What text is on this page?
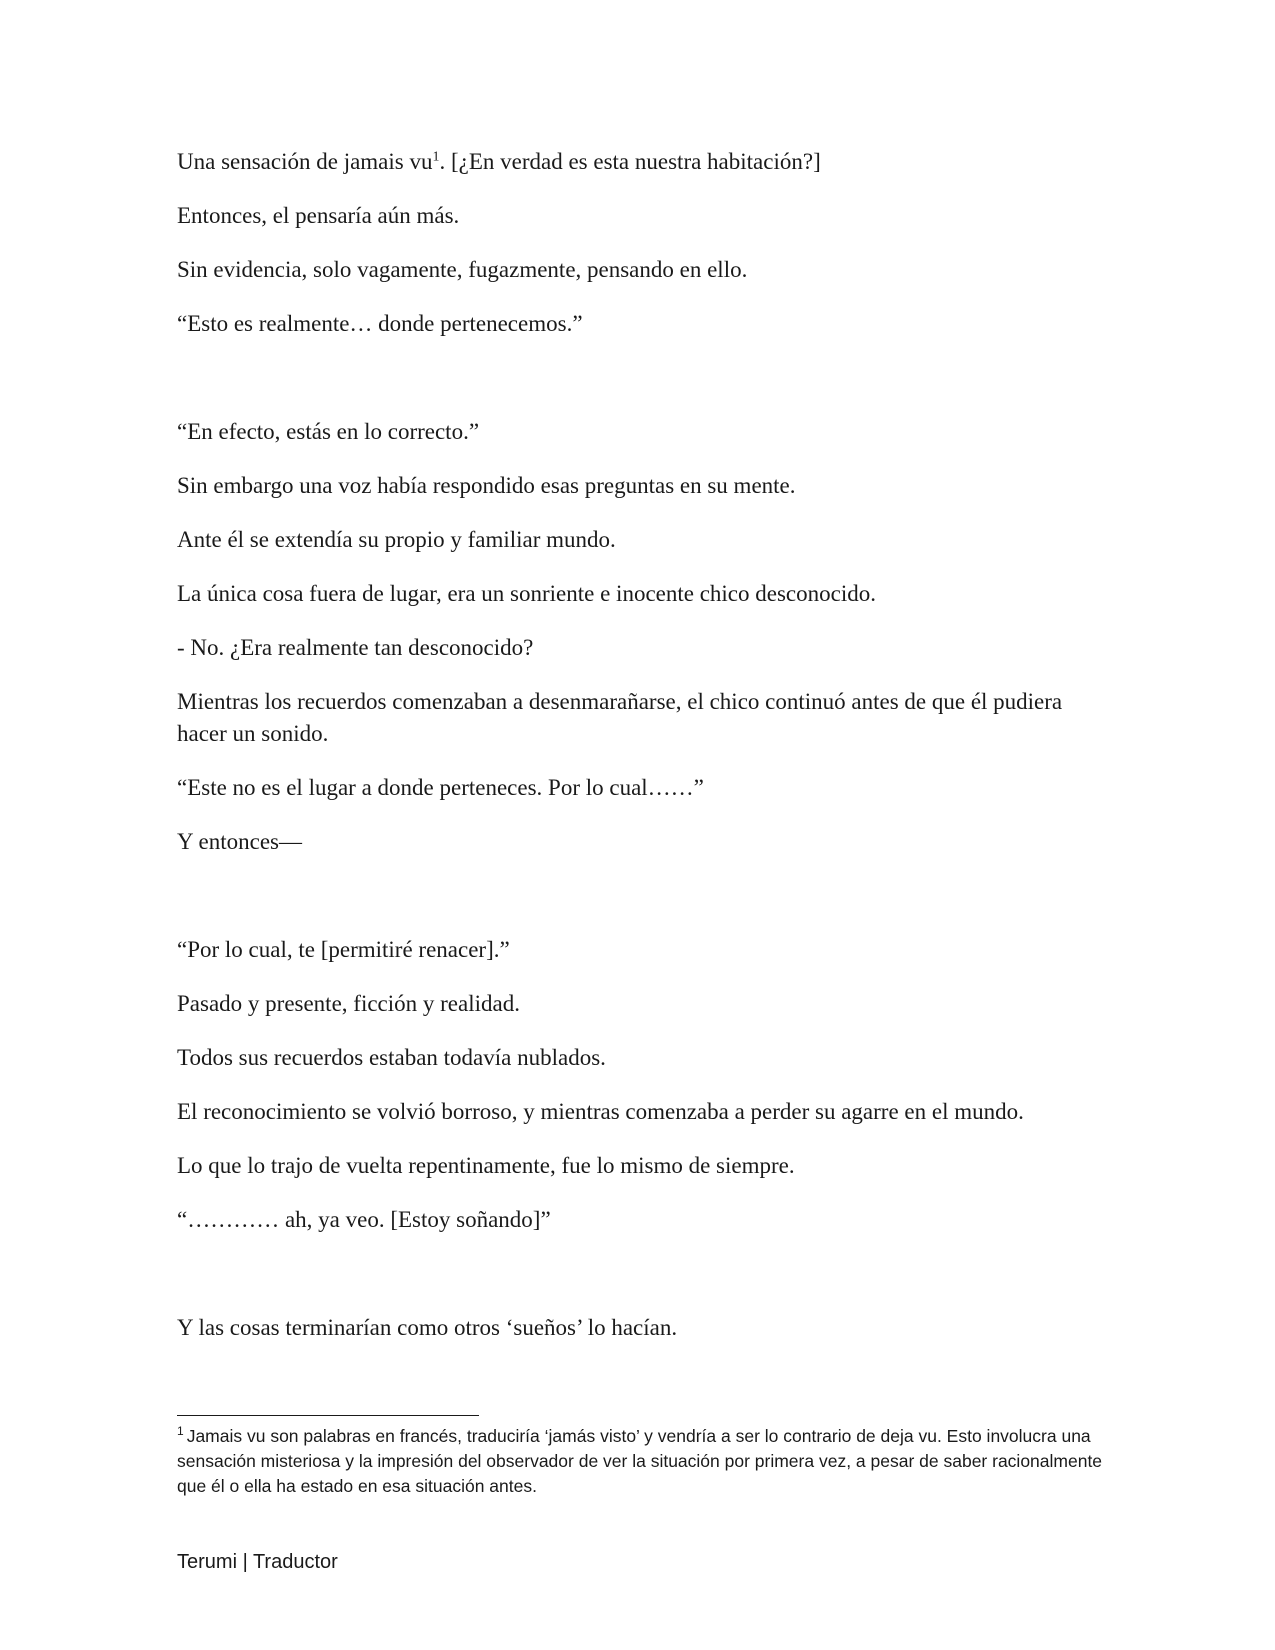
Una sensación de jamais vu$^1$. [¿En verdad es esta nuestra habitación?]

Entonces, el pensaría aún más.

Sin evidencia, solo vagamente, fugazmente, pensando en ello.

“Esto es realmente… donde pertenecemos.”

“En efecto, estás en lo correcto.”

Sin embargo una voz había respondido esas preguntas en su mente.

Ante él se extendía su propio y familiar mundo.

La única cosa fuera de lugar, era un sonriente e inocente chico desconocido.

- No. ¿Era realmente tan desconocido?

Mientras los recuerdos comenzaban a desenmarañarse, el chico continuó antes de que él pudiera hacer un sonido.

“Este no es el lugar a donde perteneces. Por lo cual……”

Y entonces—

“Por lo cual, te [permitiré renacer].”

Pasado y presente, ficción y realidad.

Todos sus recuerdos estaban todavía nublados.

El reconocimiento se volvió borroso, y mientras comenzaba a perder su agarre en el mundo.

Lo que lo trajo de vuelta repentinamente, fue lo mismo de siempre.

“………… ah, ya veo. [Estoy soñando]”

Y las cosas terminarían como otros ‘sueños’ lo hacían.

$^1$ Jamais vu son palabras en francés, traduciría ‘jamás visto’ y vendría a ser lo contrario de deja vu. Esto involucra una sensación misteriosa y la impresión del observador de ver la situación por primera vez, a pesar de saber racionalmente que él o ella ha estado en esa situación antes.
Terumi | Traductor
